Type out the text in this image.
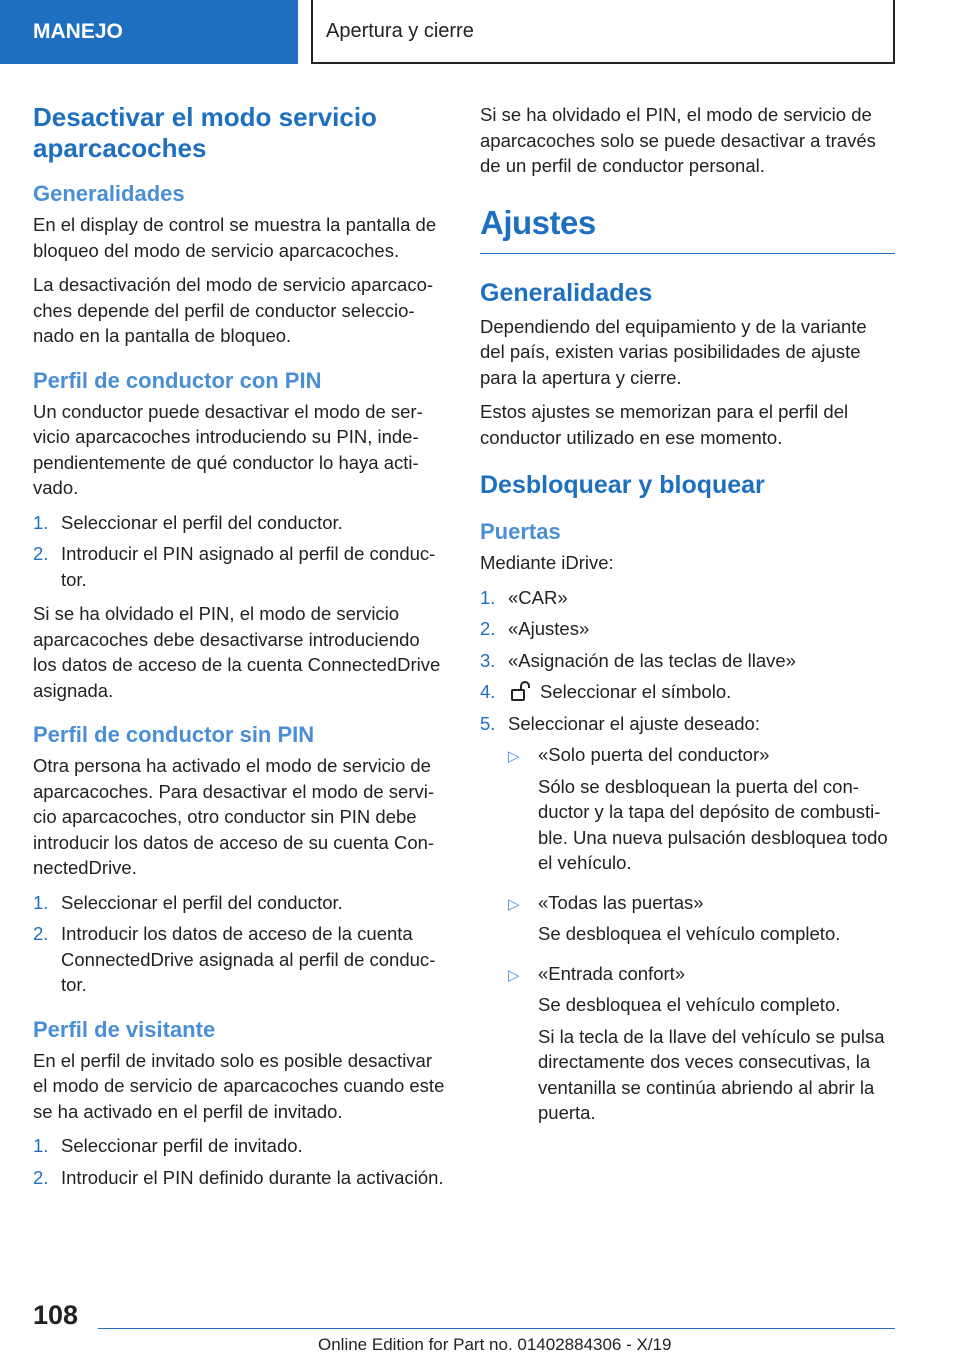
MANEJO	Apertura y cierre
Desactivar el modo servicio aparcacoches
Generalidades

En el display de control se muestra la pantalla de bloqueo del modo de servicio aparcacoches.

La desactivación del modo de servicio aparcacoches depende del perfil de conductor seleccionado en la pantalla de bloqueo.

Perfil de conductor con PIN

Un conductor puede desactivar el modo de servicio aparcacoches introduciendo su PIN, independientemente de qué conductor lo haya activado.

1. Seleccionar el perfil del conductor.
2. Introducir el PIN asignado al perfil de conductor.

Si se ha olvidado el PIN, el modo de servicio aparcacoches debe desactivarse introduciendo los datos de acceso de la cuenta ConnectedDrive asignada.

Perfil de conductor sin PIN

Otra persona ha activado el modo de servicio de aparcacoches. Para desactivar el modo de servicio aparcacoches, otro conductor sin PIN debe introducir los datos de acceso de su cuenta ConnectedDrive.

1. Seleccionar el perfil del conductor.
2. Introducir los datos de acceso de la cuenta ConnectedDrive asignada al perfil de conductor.
Perfil de visitante

En el perfil de invitado solo es posible desactivar el modo de servicio de aparcacoches cuando este se ha activado en el perfil de invitado.

1. Seleccionar perfil de invitado.
2. Introducir el PIN definido durante la activación.

Si se ha olvidado el PIN, el modo de servicio de aparcacoches solo se puede desactivar a través de un perfil de conductor personal.

Ajustes
Generalidades

Dependiendo del equipamiento y de la variante del país, existen varias posibilidades de ajuste para la apertura y cierre.

Estos ajustes se memorizan para el perfil del conductor utilizado en ese momento.

Desbloquear y bloquear
Puertas

Mediante iDrive:

1. «CAR»
2. «Ajustes»
3. «Asignación de las teclas de llave»
4.	Seleccionar el símbolo.
5. Seleccionar el ajuste deseado:
▷ «Solo puerta del conductor»

Sólo se desbloquean la puerta del conductor y la tapa del depósito de combustible. Una nueva pulsación desbloquea todo el vehículo.

▷ «Todas las puertas»

Se desbloquea el vehículo completo.

▷ «Entrada confort»

Se desbloquea el vehículo completo.

Si la tecla de la llave del vehículo se pulsa directamente dos veces consecutivas, la ventanilla se continúa abriendo al abrir la puerta.

108
Online Edition for Part no. 01402884306 - X/19
